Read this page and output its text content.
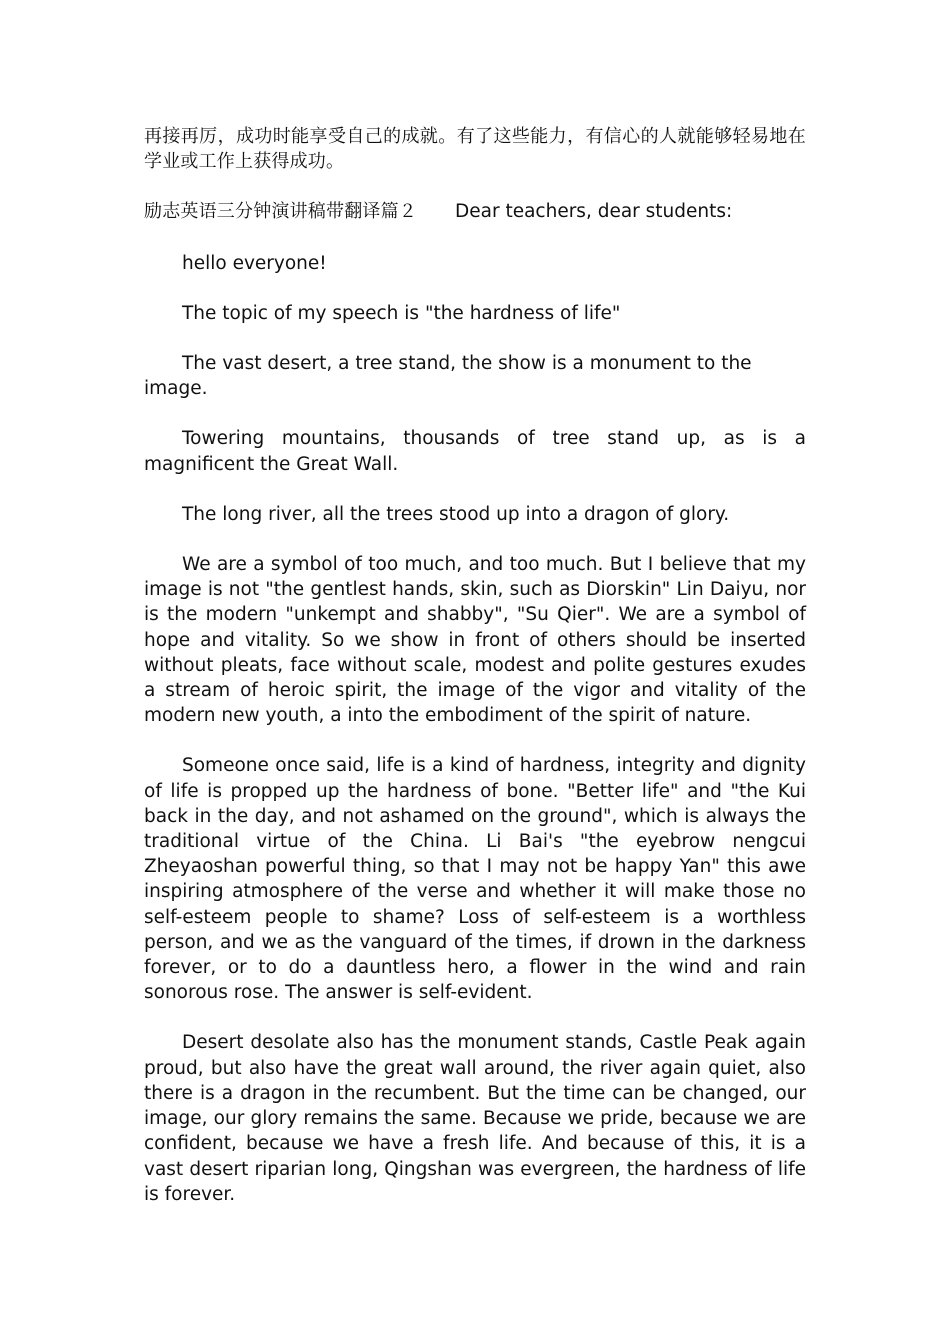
再接再厉，成功时能享受自己的成就。有了这些能力，有信心的人就能够轻易地在学业或工作上获得成功。

励志英语三分钟演讲稿带翻译篇２ Dear teachers, dear students:

hello everyone!

The topic of my speech is "the hardness of life"

The vast desert, a tree stand, the show is a monument to the image.

Towering mountains, thousands of tree stand up, as is a magnificent the Great Wall.

The long river, all the trees stood up into a dragon of glory.

We are a symbol of too much, and too much. But I believe that my image is not "the gentlest hands, skin, such as Diorskin" Lin Daiyu, nor is the modern "unkempt and shabby", "Su Qier". We are a symbol of hope and vitality. So we show in front of others should be inserted without pleats, face without scale, modest and polite gestures exudes a stream of heroic spirit, the image of the vigor and vitality of the modern new youth, a into the embodiment of the spirit of nature.

Someone once said, life is a kind of hardness, integrity and dignity of life is propped up the hardness of bone. "Better life" and "the Kui back in the day, and not ashamed on the ground", which is always the traditional virtue of the China. Li Bai's "the eyebrow nengcui Zheyaoshan powerful thing, so that I may not be happy Yan" this awe inspiring atmosphere of the verse and whether it will make those no self-esteem people to shame? Loss of self-esteem is a worthless person, and we as the vanguard of the times, if drown in the darkness forever, or to do a dauntless hero, a flower in the wind and rain sonorous rose. The answer is self-evident.

Desert desolate also has the monument stands, Castle Peak again proud, but also have the great wall around, the river again quiet, also there is a dragon in the recumbent. But the time can be changed, our image, our glory remains the same. Because we pride, because we are confident, because we have a fresh life. And because of this, it is a vast desert riparian long, Qingshan was evergreen, the hardness of life is forever.
